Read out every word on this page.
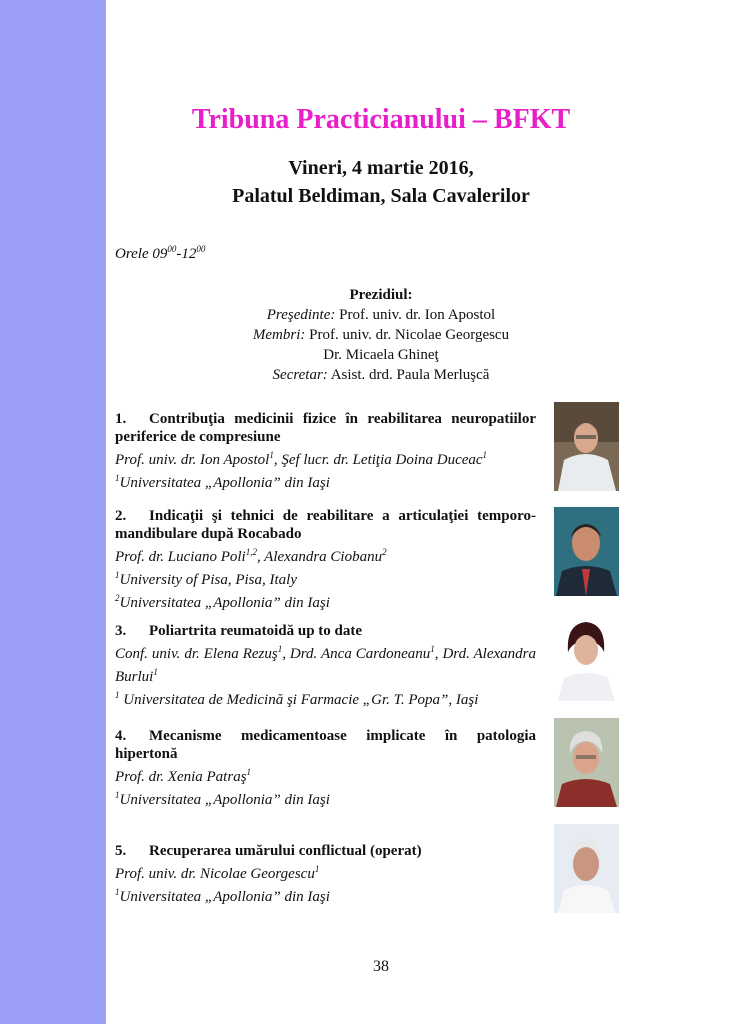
Tribuna Practicianului – BFKT
Vineri, 4 martie 2016,
Palatul Beldiman, Sala Cavalerilor
Orele $09^{00}-12^{00}$
Prezidiul:
Preşedinte: Prof. univ. dr. Ion Apostol
Membri: Prof. univ. dr. Nicolae Georgescu
Dr. Micaela Ghineţ
Secretar: Asist. drd. Paula Merluşcă
1. Contribuţia medicinii fizice în reabilitarea neuropatiilor periferice de compresiune
Prof. univ. dr. Ion Apostol$^1$, Şef lucr. dr. Letiţia Doina Duceac$^1$
$^1$Universitatea „Apollonia” din Iaşi
2. Indicaţii şi tehnici de reabilitare a articulaţiei temporo-mandibulare după Rocabado
Prof. dr. Luciano Poli$^{1,2}$, Alexandra Ciobanu$^2$
$^1$University of Pisa, Pisa, Italy
$^2$Universitatea „Apollonia” din Iaşi
3. Poliartrita reumatoidă up to date
Conf. univ. dr. Elena Rezuş$^1$, Drd. Anca Cardoneanu$^1$, Drd. Alexandra Burlui$^1$
$^1$ Universitatea de Medicină şi Farmacie „Gr. T. Popa”, Iaşi
4. Mecanisme medicamentoase implicate în patologia hipertonă
Prof. dr. Xenia Patraş$^1$
$^1$Universitatea „Apollonia” din Iaşi
5. Recuperarea umărului conflictual (operat)
Prof. univ. dr. Nicolae Georgescu$^1$
$^1$Universitatea „Apollonia” din Iaşi
38
